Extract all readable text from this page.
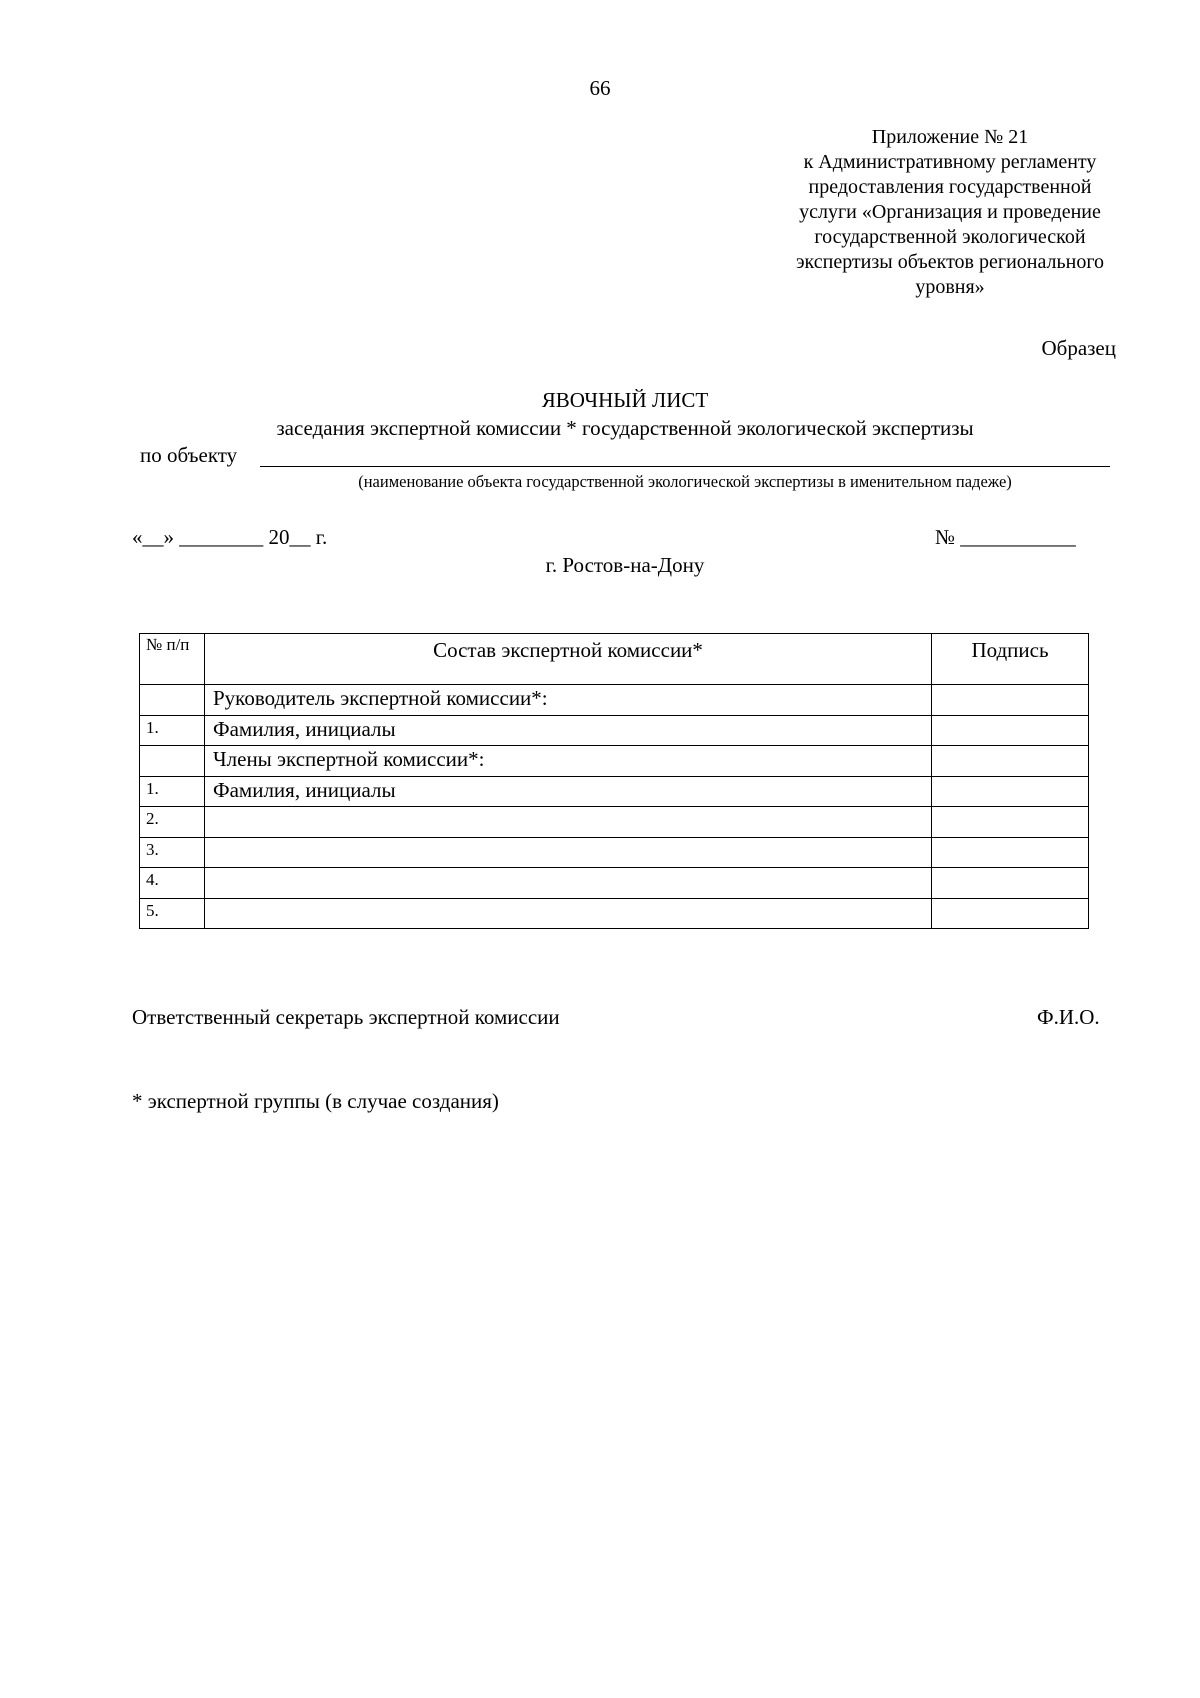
66
Приложение № 21
к Административному регламенту
предоставления государственной
услуги «Организация и проведение
государственной экологической
экспертизы объектов регионального
уровня»
Образец
ЯВОЧНЫЙ ЛИСТ
заседания экспертной комиссии * государственной экологической экспертизы
по объекту
(наименование объекта государственной экологической экспертизы в именительном падеже)
«__» ________ 20__ г.	№ ___________
г. Ростов-на-Дону
№ п/п	Состав экспертной комиссии*	Подпись
	Руководитель экспертной комиссии*:	
1.	Фамилия, инициалы	
	Члены экспертной комиссии*:	
1.	Фамилия, инициалы	
2.		
3.		
4.		
5.		
Ответственный секретарь экспертной комиссии	Ф.И.О.
* экспертной группы (в случае создания)
